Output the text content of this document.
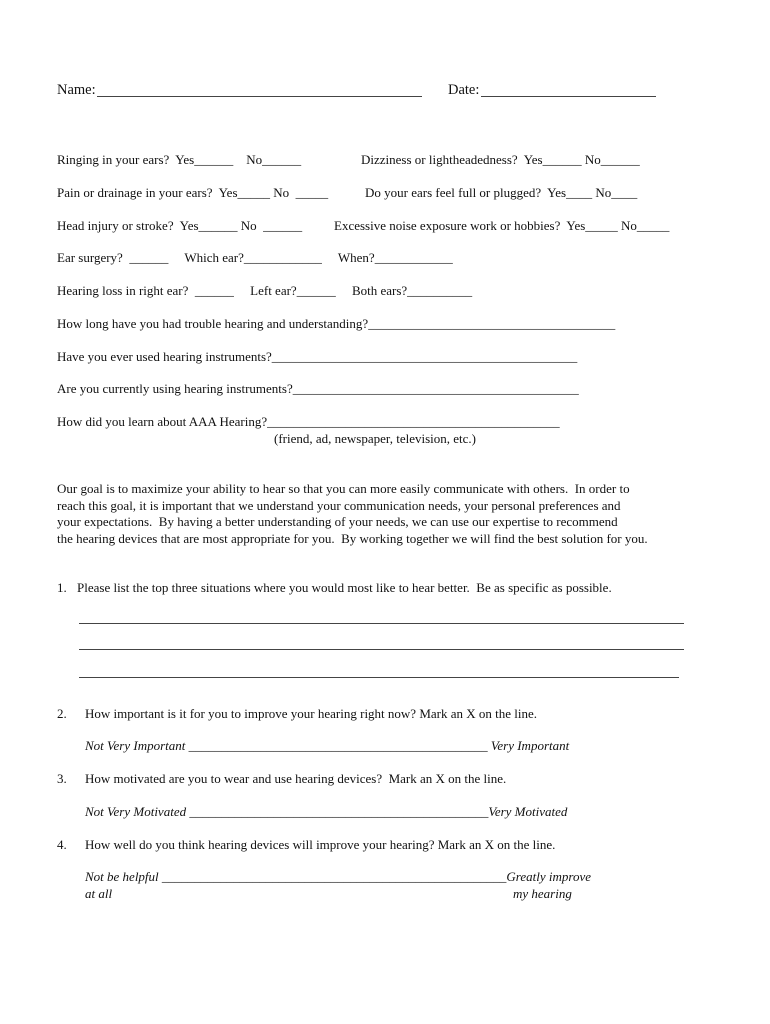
Name:	Date:
Ringing in your ears?  Yes______    No______	Dizziness or lightheadedness?  Yes______ No______
Pain or drainage in your ears?  Yes_____ No  _____	Do your ears feel full or plugged?  Yes____ No____
Head injury or stroke?  Yes______ No  ______ Excessive noise exposure work or hobbies?  Yes_____ No_____
Ear surgery?  ______     Which ear?____________     When?____________
Hearing loss in right ear?  ______     Left ear?______     Both ears?__________
How long have you had trouble hearing and understanding?______________________________________
Have you ever used hearing instruments?_______________________________________________
Are you currently using hearing instruments?____________________________________________
How did you learn about AAA Hearing?_____________________________________________
(friend, ad, newspaper, television, etc.)
Our goal is to maximize your ability to hear so that you can more easily communicate with others.  In order to
reach this goal, it is important that we understand your communication needs, your personal preferences and
your expectations.  By having a better understanding of your needs, we can use our expertise to recommend
the hearing devices that are most appropriate for you.  By working together we will find the best solution for you.
1. Please list the top three situations where you would most like to hear better.  Be as specific as possible.
2. How important is it for you to improve your hearing right now? Mark an X on the line.
Not Very Important ______________________________________________ Very Important
3. How motivated are you to wear and use hearing devices?  Mark an X on the line.
Not Very Motivated ______________________________________________Very Motivated
4. How well do you think hearing devices will improve your hearing? Mark an X on the line.
Not be helpful _____________________________________________________Greatly improve
at all	my hearing
